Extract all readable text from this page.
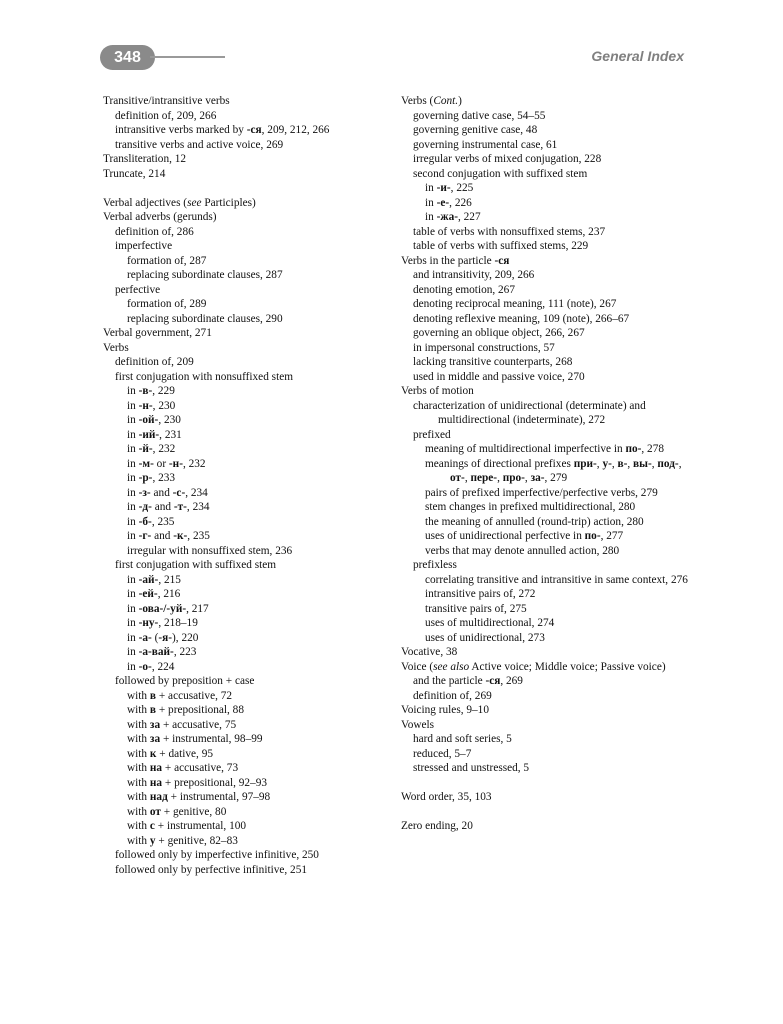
348	General Index
Transitive/intransitive verbs
definition of, 209, 266
intransitive verbs marked by -ся, 209, 212, 266
transitive verbs and active voice, 269
Transliteration, 12
Truncate, 214
Verbal adjectives (see Participles)
Verbal adverbs (gerunds)
definition of, 286
imperfective
formation of, 287
replacing subordinate clauses, 287
perfective
formation of, 289
replacing subordinate clauses, 290
Verbal government, 271
Verbs
definition of, 209
first conjugation with nonsuffixed stem
in -в-, 229
in -н-, 230
in -ой-, 230
in -ий-, 231
in -й-, 232
in -м- or -н-, 232
in -р-, 233
in -з- and -с-, 234
in -д- and -т-, 234
in -б-, 235
in -г- and -к-, 235
irregular with nonsuffixed stem, 236
first conjugation with suffixed stem
in -ай-, 215
in -ей-, 216
in -ова-/-уй-, 217
in -ну-, 218–19
in -а- (-я-), 220
in -а-вай-, 223
in -о-, 224
followed by preposition + case
with в + accusative, 72
with в + prepositional, 88
with за + accusative, 75
with за + instrumental, 98–99
with к + dative, 95
with на + accusative, 73
with на + prepositional, 92–93
with над + instrumental, 97–98
with от + genitive, 80
with с + instrumental, 100
with у + genitive, 82–83
followed only by imperfective infinitive, 250
followed only by perfective infinitive, 251
Verbs (Cont.)
governing dative case, 54–55
governing genitive case, 48
governing instrumental case, 61
irregular verbs of mixed conjugation, 228
second conjugation with suffixed stem
in -и-, 225
in -е-, 226
in -жа-, 227
table of verbs with nonsuffixed stems, 237
table of verbs with suffixed stems, 229
Verbs in the particle -ся
and intransitivity, 209, 266
denoting emotion, 267
denoting reciprocal meaning, 111 (note), 267
denoting reflexive meaning, 109 (note), 266–67
governing an oblique object, 266, 267
in impersonal constructions, 57
lacking transitive counterparts, 268
used in middle and passive voice, 270
Verbs of motion
characterization of unidirectional (determinate) and multidirectional (indeterminate), 272
prefixed
meaning of multidirectional imperfective in по-, 278
meanings of directional prefixes при-, у-, в-, вы-, под-, от-, пере-, про-, за-, 279
pairs of prefixed imperfective/perfective verbs, 279
stem changes in prefixed multidirectional, 280
the meaning of annulled (round-trip) action, 280
uses of unidirectional perfective in по-, 277
verbs that may denote annulled action, 280
prefixless
correlating transitive and intransitive in same context, 276
intransitive pairs of, 272
transitive pairs of, 275
uses of multidirectional, 274
uses of unidirectional, 273
Vocative, 38
Voice (see also Active voice; Middle voice; Passive voice)
and the particle -ся, 269
definition of, 269
Voicing rules, 9–10
Vowels
hard and soft series, 5
reduced, 5–7
stressed and unstressed, 5
Word order, 35, 103
Zero ending, 20
